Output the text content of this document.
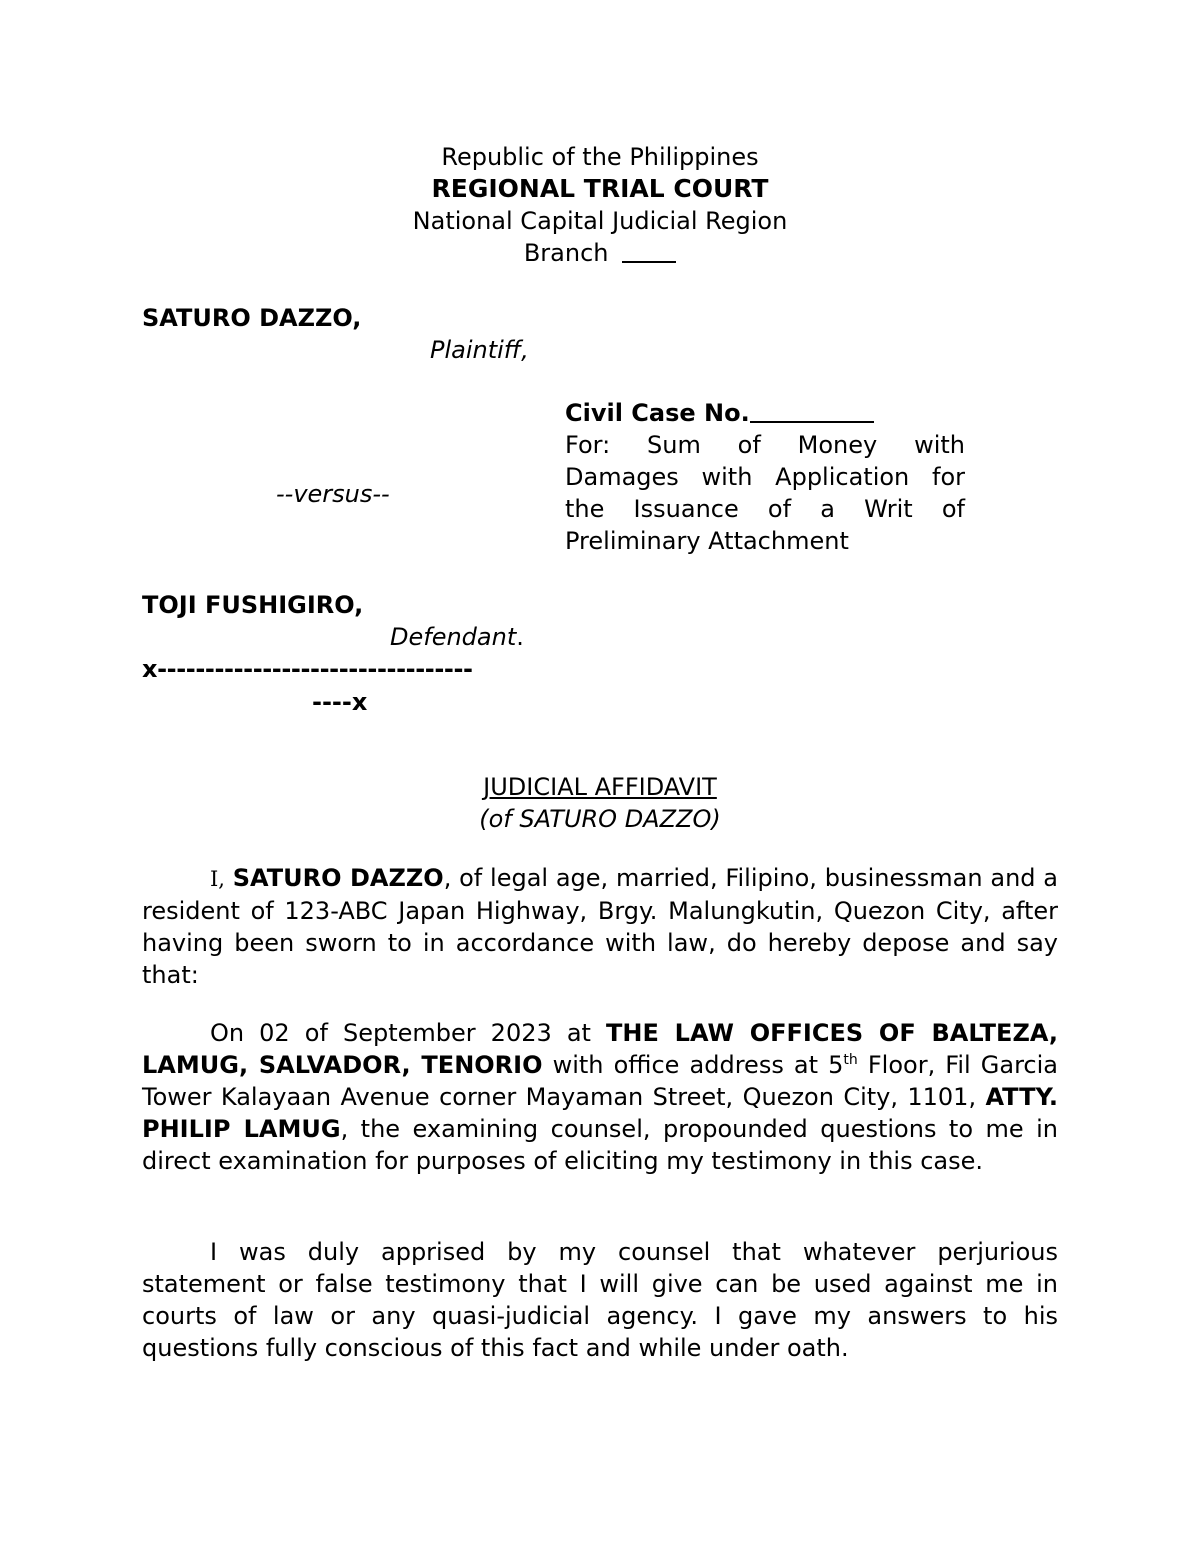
Republic of the Philippines
REGIONAL TRIAL COURT
National Capital Judicial Region
Branch
SATURO DAZZO,
Plaintiff,
--versus--
Civil Case No.
For: Sum of Money with Damages with Application for the Issuance of a Writ of Preliminary Attachment
TOJI FUSHIGIRO,
Defendant.
x---------------------------------
----x
JUDICIAL AFFIDAVIT
(of SATURO DAZZO)
I, SATURO DAZZO, of legal age, married, Filipino, businessman and a resident of 123-ABC Japan Highway, Brgy. Malungkutin, Quezon City, after having been sworn to in accordance with law, do hereby depose and say that:
On 02 of September 2023 at THE LAW OFFICES OF BALTEZA, LAMUG, SALVADOR, TENORIO with office address at 5th Floor, Fil Garcia Tower Kalayaan Avenue corner Mayaman Street, Quezon City, 1101, ATTY. PHILIP LAMUG, the examining counsel, propounded questions to me in direct examination for purposes of eliciting my testimony in this case.
I was duly apprised by my counsel that whatever perjurious statement or false testimony that I will give can be used against me in courts of law or any quasi-judicial agency. I gave my answers to his questions fully conscious of this fact and while under oath.
